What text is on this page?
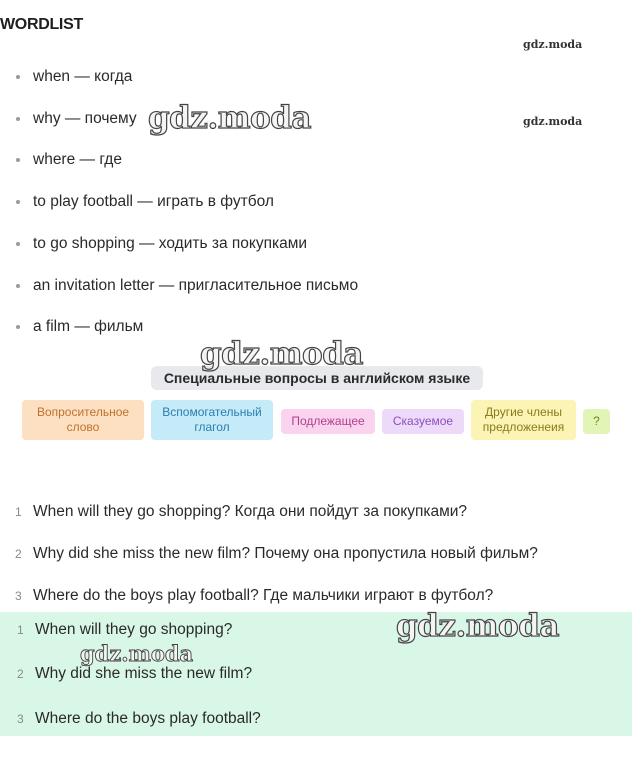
WORDLIST
when — когда
why — почему
where — где
to play football — играть в футбол
to go shopping — ходить за покупками
an invitation letter — пригласительное письмо
a film — фильм
Специальные вопросы в английском языке
Вопросительное слово
Вспомогательный глагол	Подлежащее	Сказуемое
Другие члены предложенеия	?
1 When will they go shopping? Когда они пойдут за покупками?
2 Why did she miss the new film? Почему она пропустила новый фильм?
3 Where do the boys play football? Где мальчики играют в футбол?
1 When will they go shopping?
2 Why did she miss the new film?
3 Where do the boys play football?
gdz.moda
gdz.moda
gdz.moda
gdz.moda
gdz.moda
gdz.moda
